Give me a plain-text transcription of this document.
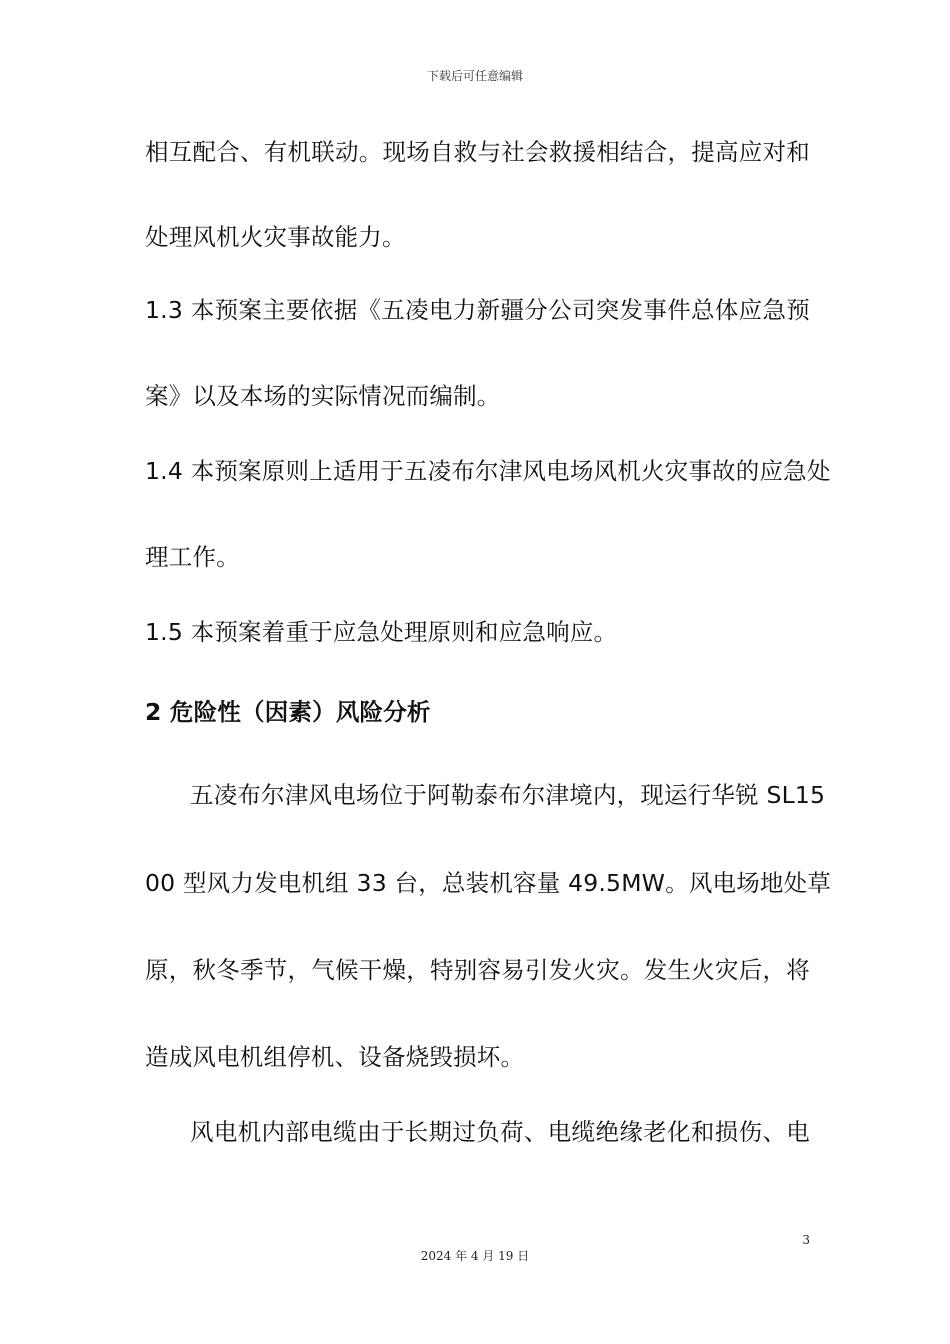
下载后可任意编辑
相互配合、有机联动。现场自救与社会救援相结合，提高应对和
处理风机火灾事故能力。
1.3 本预案主要依据《五凌电力新疆分公司突发事件总体应急预
案》以及本场的实际情况而编制。
1.4 本预案原则上适用于五凌布尔津风电场风机火灾事故的应急处
理工作。
1.5 本预案着重于应急处理原则和应急响应。
2 危险性（因素）风险分析
五凌布尔津风电场位于阿勒泰布尔津境内，现运行华锐 SL15
00 型风力发电机组 33 台，总装机容量 49.5MW。风电场地处草
原，秋冬季节，气候干燥，特别容易引发火灾。发生火灾后，将
造成风电机组停机、设备烧毁损坏。
风电机内部电缆由于长期过负荷、电缆绝缘老化和损伤、电
3
2024 年 4 月 19 日
